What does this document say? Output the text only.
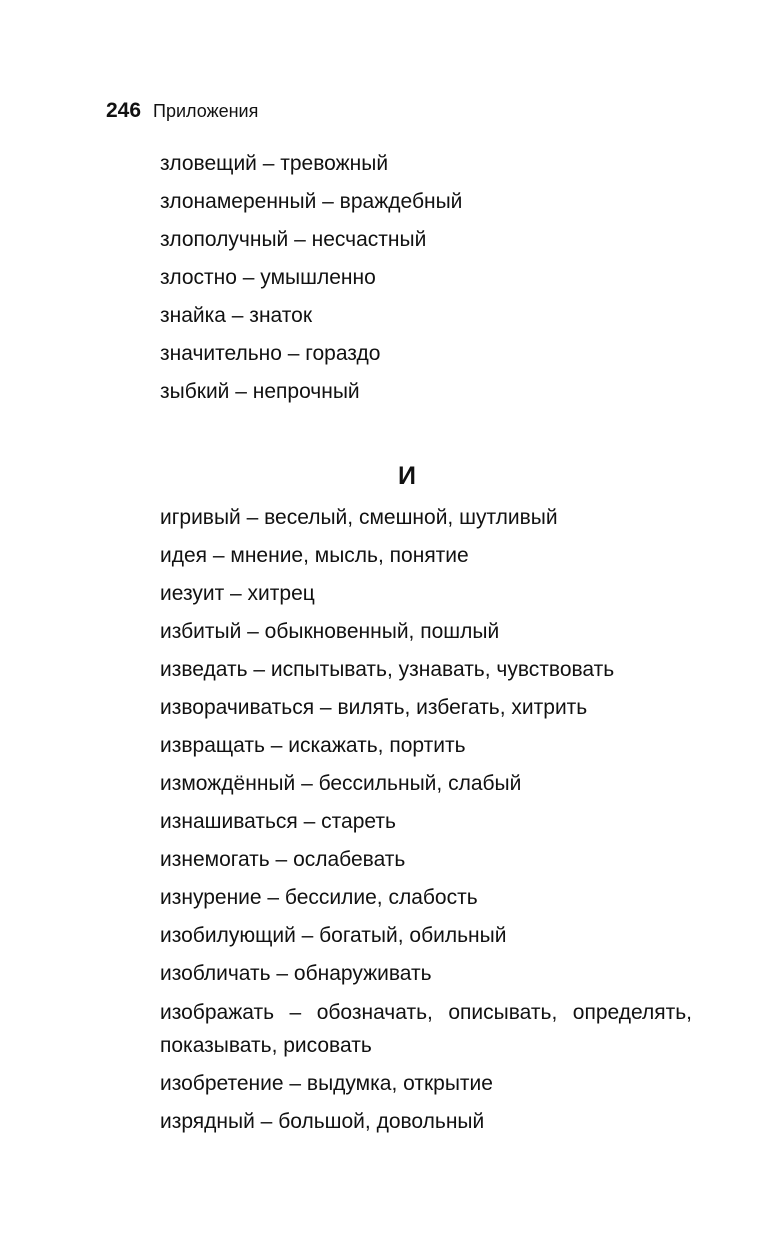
246 Приложения
зловещий – тревожный
злонамеренный – враждебный
злополучный – несчастный
злостно – умышленно
знайка – знаток
значительно – гораздо
зыбкий – непрочный
И
игривый – веселый, смешной, шутливый
идея – мнение, мысль, понятие
иезуит – хитрец
избитый – обыкновенный, пошлый
изведать – испытывать, узнавать, чувствовать
изворачиваться – вилять, избегать, хитрить
извращать – искажать, портить
измождённый – бессильный, слабый
изнашиваться – стареть
изнемогать – ослабевать
изнурение – бессилие, слабость
изобилующий – богатый, обильный
изобличать – обнаруживать
изображать – обозначать, описывать, определять, показывать, рисовать
изобретение – выдумка, открытие
изрядный – большой, довольный
